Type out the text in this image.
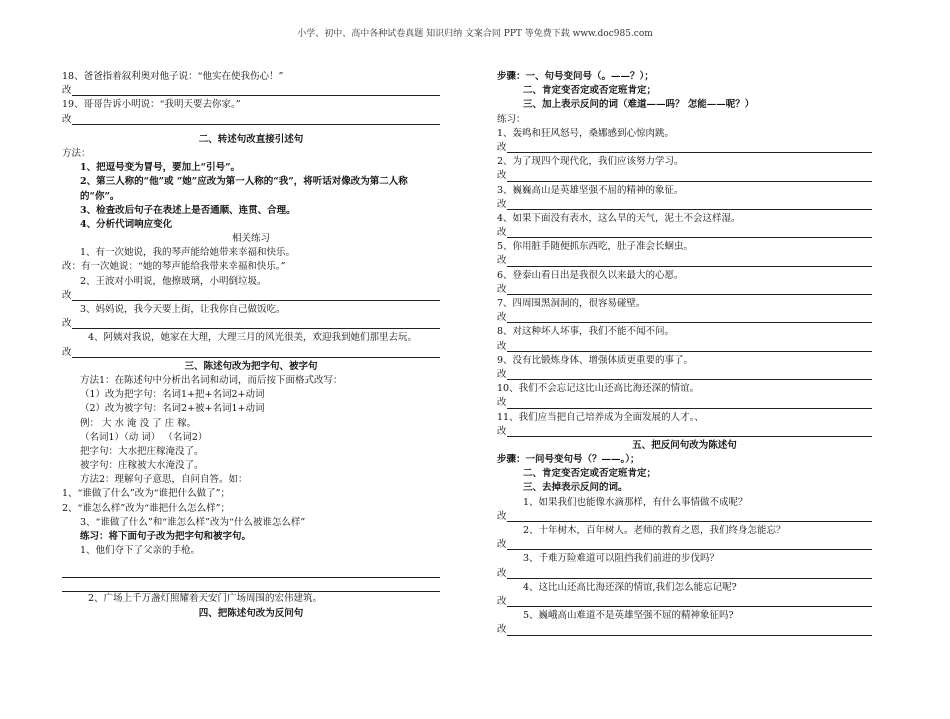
小学、初中、高中各种试卷真题 知识归纳 文案合同 PPT 等免费下载 www.doc985.com
18、爸爸指着叙利奥对他子说：“他实在使我伤心！”
改
19、哥哥告诉小明说：“我明天要去你家。”
改
二、转述句改直接引述句
方法：
1、把逗号变为冒号，要加上“引号”。
2、第三人称的“他”或 “她”应改为第一人称的“我”，将听话对像改为第二人称的“你”。
3、检查改后句子在表述上是否通顺、连贯、合理。
4、分析代词响应变化
相关练习
1、有一次她说，我的琴声能给她带来幸福和快乐。
改：有一次她说：“她的琴声能给我带来幸福和快乐。”
2、王波对小明说，他擦玻璃，小明倒垃圾。
改
3、妈妈说，我今天要上街，让我你自己做饭吃。
改
4、阿姨对我说，她家在大理，大理三月的风光很美，欢迎我到她们那里去玩。
改
三、陈述句改为把字句、被字句
方法1：在陈述句中分析出名词和动词，而后按下面格式改写：
（1）改为把字句：名词1+把+名词2+动词
（2）改为被字句：名词2+被+名词1+动词
例： 大 水 淹 没 了 庄 稼。
（名词1）（动 词） （名词2）
把字句：大水把庄稼淹没了。
被字句：庄稼被大水淹没了。
方法2：理解句子意思，自问自答。如：
1、“谁做了什么”改为“谁把什么做了”；
2、“谁怎么样”改为“谁把什么怎么样”；
3、“谁做了什么”和“谁怎么样”改为“什么被谁怎么样”
练习：将下面句子改为把字句和被字句。
1、他们夺下了父亲的手枪。
2、广场上千万盏灯照耀着天安门广场周围的宏伟建筑。
四、把陈述句改为反问句
步骤：一、句号变问号（。——？）；
二、肯定变否定或否定班肯定；
三、加上表示反问的词（难道——吗？ 怎能——呢？）
练习：
1、轰鸣和狂风怒号，桑娜感到心惊肉跳。
改
2、为了现四个现代化，我们应该努力学习。
改
3、巍巍高山是英雄坚强不屈的精神的象征。
改
4、如果下面没有表水，这么旱的天气，泥土不会这样湿。
改
5、你用脏手随便抓东西吃，肚子准会长蛔虫。
改
6、登泰山看日出是我很久以来最大的心愿。
改
7、四周围黑洞洞的，很容易碰壁。
改
8、对这种坏人坏事，我们不能不闻不问。
改
9、没有比锻炼身体、增强体质更重要的事了。
改
10、我们不会忘记这比山还高比海还深的情谊。
改
11、我们应当把自己培养成为全面发展的人才。、
改
五、把反问句改为陈述句
步骤：一问号变句号（？——。）；
二、肯定变否定或否定班肯定；
三、去掉表示反问的词。
1、如果我们也能像水滴那样，有什么事情做不成呢？
改
2、十年树木，百年树人。老师的教育之恩，我们终身怎能忘？
改
3、千难万险难道可以阻挡我们前进的步伐吗？
改
4、这比山还高比海还深的情谊,我们怎么能忘记呢?
改
5、巍峨高山难道不是英雄坚强不屈的精神象征吗?
改
